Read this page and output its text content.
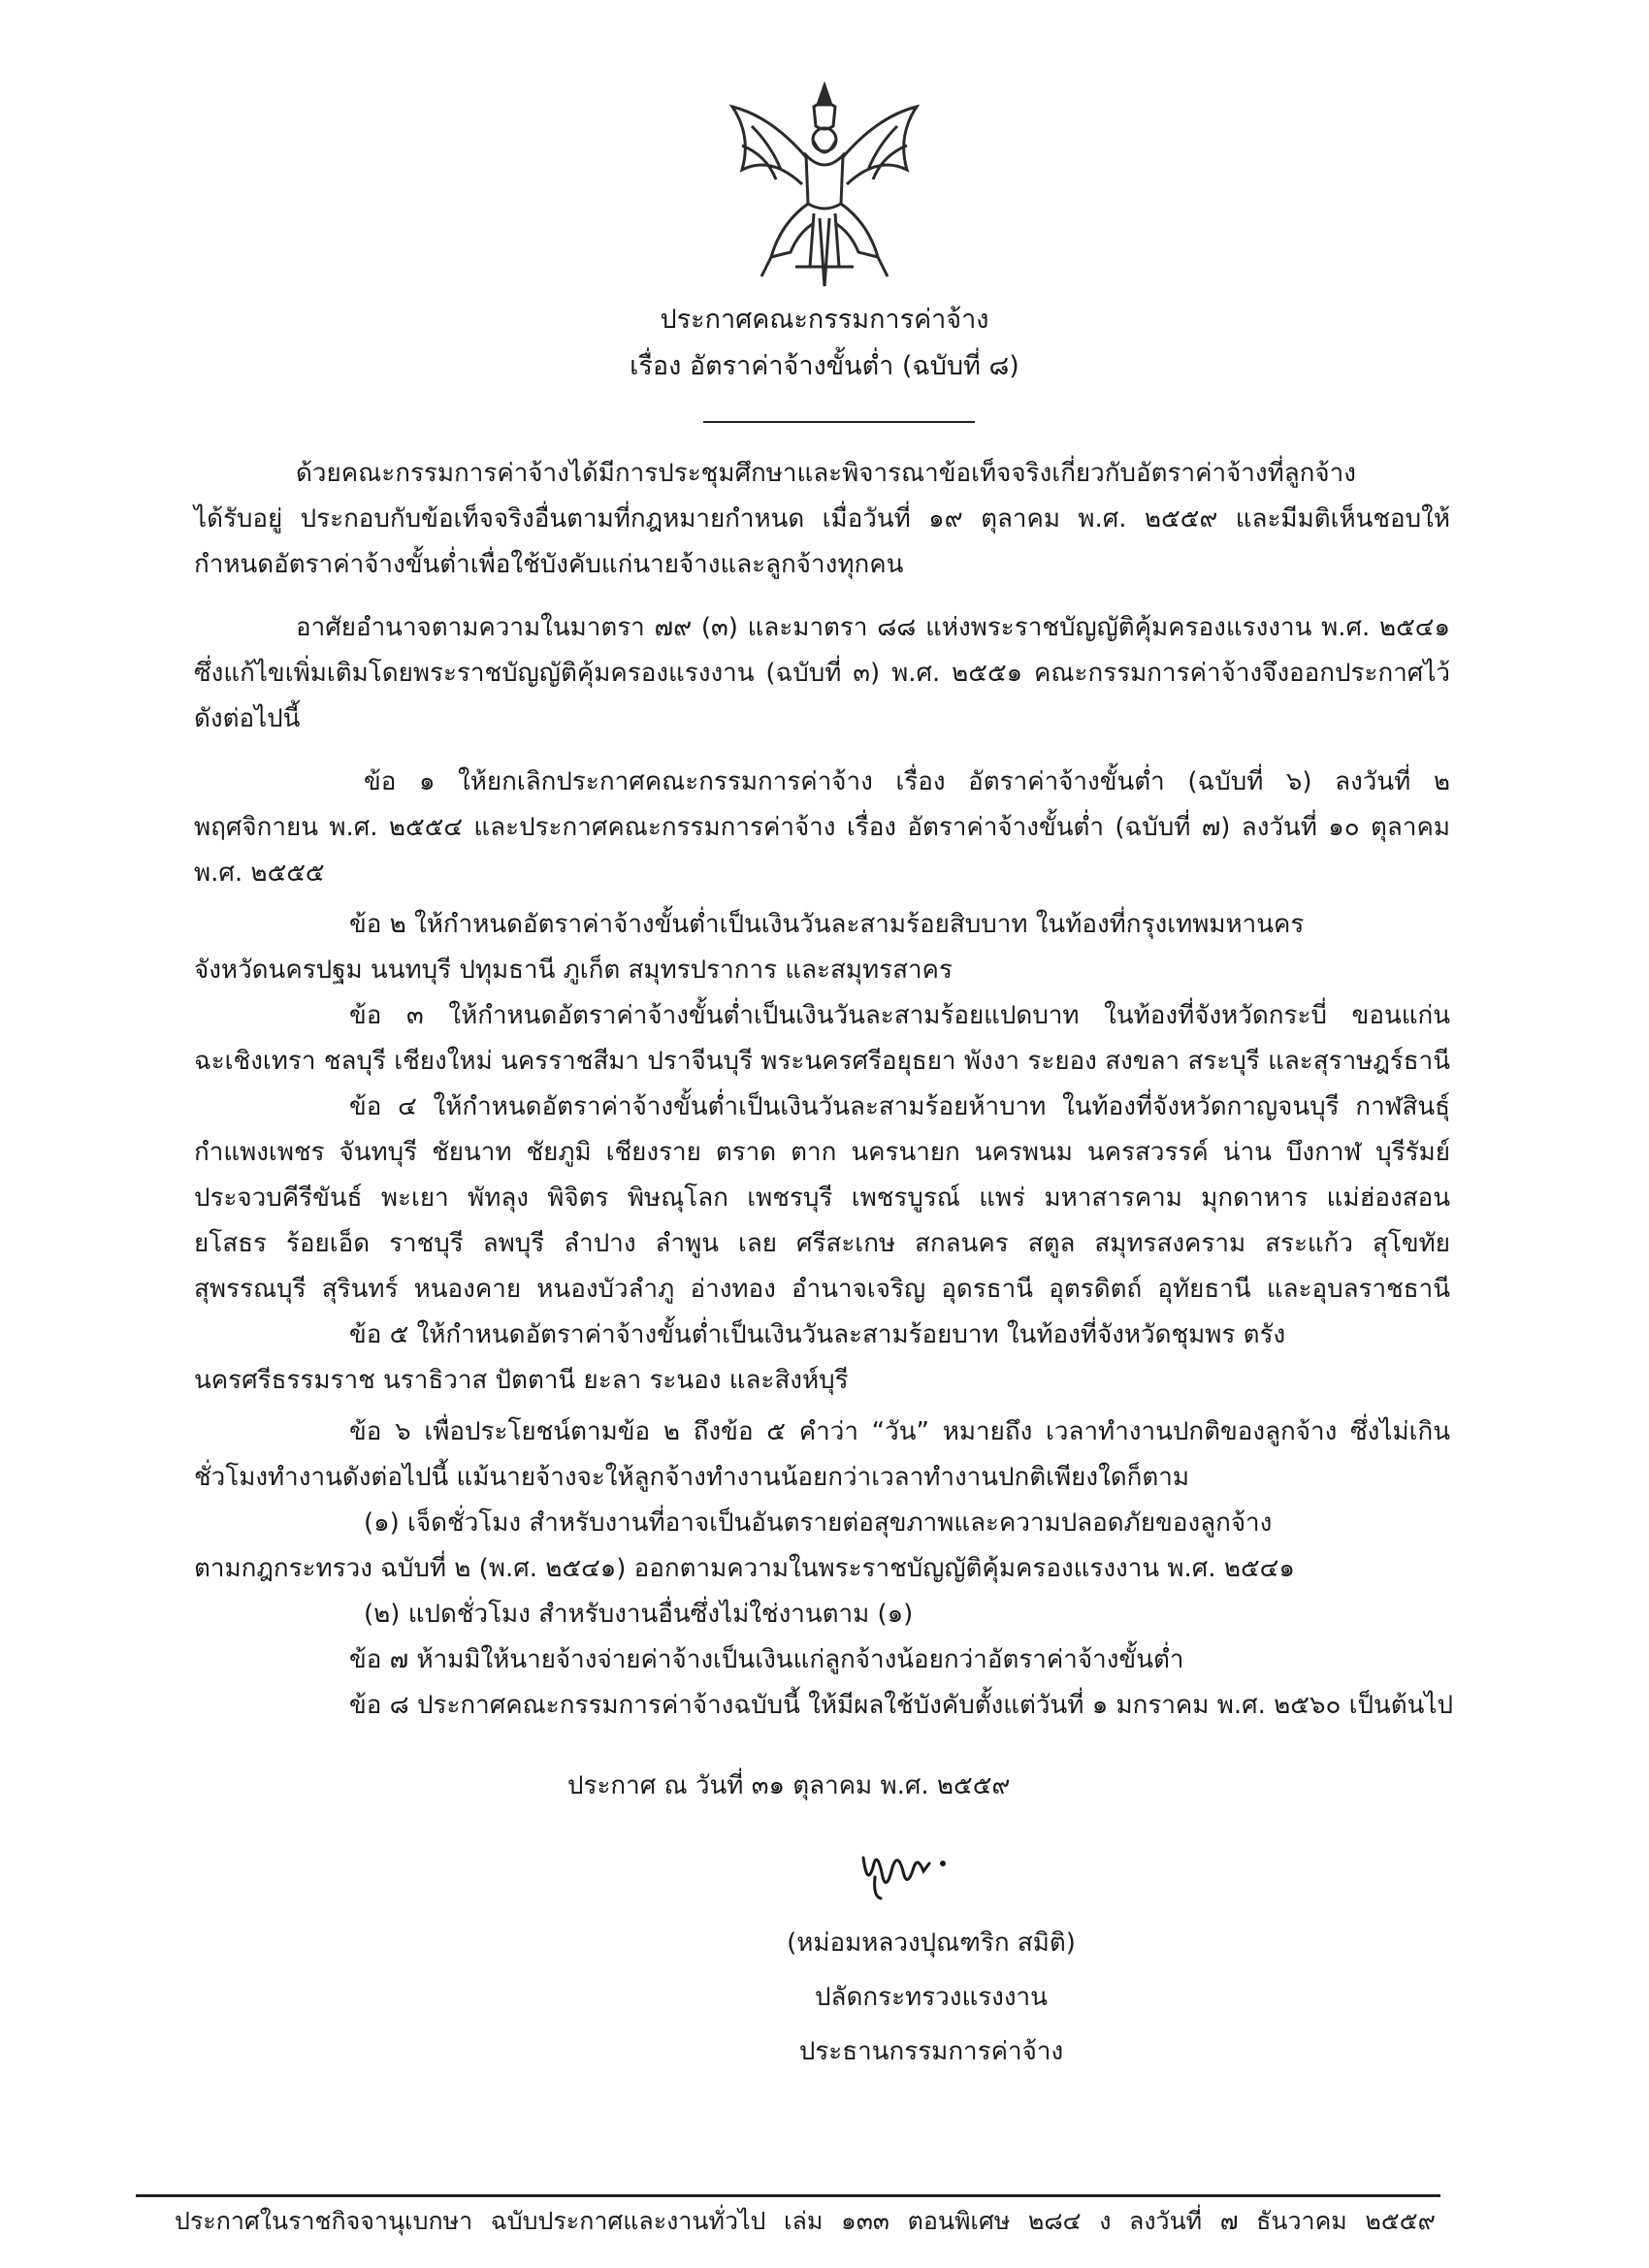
ประกาศคณะกรรมการค่าจ้าง
เรื่อง อัตราค่าจ้างขั้นต่ำ (ฉบับที่ ๘)
ด้วยคณะกรรมการค่าจ้างได้มีการประชุมศึกษาและพิจารณาข้อเท็จจริงเกี่ยวกับอัตราค่าจ้างที่ลูกจ้าง
ได้รับอยู่ ประกอบกับข้อเท็จจริงอื่นตามที่กฎหมายกำหนด เมื่อวันที่ ๑๙ ตุลาคม พ.ศ. ๒๕๕๙ และมีมติเห็นชอบให้
กำหนดอัตราค่าจ้างขั้นต่ำเพื่อใช้บังคับแก่นายจ้างและลูกจ้างทุกคน
อาศัยอำนาจตามความในมาตรา ๗๙ (๓) และมาตรา ๘๘ แห่งพระราชบัญญัติคุ้มครองแรงงาน พ.ศ. ๒๕๔๑
ซึ่งแก้ไขเพิ่มเติมโดยพระราชบัญญัติคุ้มครองแรงงาน (ฉบับที่ ๓) พ.ศ. ๒๕๕๑ คณะกรรมการค่าจ้างจึงออกประกาศไว้
ดังต่อไปนี้
ข้อ ๑ ให้ยกเลิกประกาศคณะกรรมการค่าจ้าง เรื่อง อัตราค่าจ้างขั้นต่ำ (ฉบับที่ ๖) ลงวันที่ ๒
พฤศจิกายน พ.ศ. ๒๕๕๔ และประกาศคณะกรรมการค่าจ้าง เรื่อง อัตราค่าจ้างขั้นต่ำ (ฉบับที่ ๗) ลงวันที่ ๑๐ ตุลาคม
พ.ศ. ๒๕๕๕
ข้อ ๒ ให้กำหนดอัตราค่าจ้างขั้นต่ำเป็นเงินวันละสามร้อยสิบบาท ในท้องที่กรุงเทพมหานคร
จังหวัดนครปฐม นนทบุรี ปทุมธานี ภูเก็ต สมุทรปราการ และสมุทรสาคร
ข้อ ๓ ให้กำหนดอัตราค่าจ้างขั้นต่ำเป็นเงินวันละสามร้อยแปดบาท ในท้องที่จังหวัดกระบี่ ขอนแก่น
ฉะเชิงเทรา ชลบุรี เชียงใหม่ นครราชสีมา ปราจีนบุรี พระนครศรีอยุธยา พังงา ระยอง สงขลา สระบุรี และสุราษฎร์ธานี
ข้อ ๔ ให้กำหนดอัตราค่าจ้างขั้นต่ำเป็นเงินวันละสามร้อยห้าบาท ในท้องที่จังหวัดกาญจนบุรี กาฬสินธุ์
กำแพงเพชร จันทบุรี ชัยนาท ชัยภูมิ เชียงราย ตราด ตาก นครนายก นครพนม นครสวรรค์ น่าน บึงกาฬ บุรีรัมย์
ประจวบคีรีขันธ์ พะเยา พัทลุง พิจิตร พิษณุโลก เพชรบุรี เพชรบูรณ์ แพร่ มหาสารคาม มุกดาหาร แม่ฮ่องสอน
ยโสธร ร้อยเอ็ด ราชบุรี ลพบุรี ลำปาง ลำพูน เลย ศรีสะเกษ สกลนคร สตูล สมุทรสงคราม สระแก้ว สุโขทัย
สุพรรณบุรี สุรินทร์ หนองคาย หนองบัวลำภู อ่างทอง อำนาจเจริญ อุดรธานี อุตรดิตถ์ อุทัยธานี และอุบลราชธานี
ข้อ ๕ ให้กำหนดอัตราค่าจ้างขั้นต่ำเป็นเงินวันละสามร้อยบาท ในท้องที่จังหวัดชุมพร ตรัง
นครศรีธรรมราช นราธิวาส ปัตตานี ยะลา ระนอง และสิงห์บุรี
ข้อ ๖ เพื่อประโยชน์ตามข้อ ๒ ถึงข้อ ๕ คำว่า “วัน” หมายถึง เวลาทำงานปกติของลูกจ้าง ซึ่งไม่เกิน
ชั่วโมงทำงานดังต่อไปนี้ แม้นายจ้างจะให้ลูกจ้างทำงานน้อยกว่าเวลาทำงานปกติเพียงใดก็ตาม
(๑) เจ็ดชั่วโมง สำหรับงานที่อาจเป็นอันตรายต่อสุขภาพและความปลอดภัยของลูกจ้าง
ตามกฎกระทรวง ฉบับที่ ๒ (พ.ศ. ๒๕๔๑) ออกตามความในพระราชบัญญัติคุ้มครองแรงงาน พ.ศ. ๒๕๔๑
(๒) แปดชั่วโมง สำหรับงานอื่นซึ่งไม่ใช่งานตาม (๑)
ข้อ ๗ ห้ามมิให้นายจ้างจ่ายค่าจ้างเป็นเงินแก่ลูกจ้างน้อยกว่าอัตราค่าจ้างขั้นต่ำ
ข้อ ๘ ประกาศคณะกรรมการค่าจ้างฉบับนี้ ให้มีผลใช้บังคับตั้งแต่วันที่ ๑ มกราคม พ.ศ. ๒๕๖๐ เป็นต้นไป
ประกาศ ณ วันที่ ๓๑ ตุลาคม พ.ศ. ๒๕๕๙
(หม่อมหลวงปุณฑริก สมิติ)
ปลัดกระทรวงแรงงาน
ประธานกรรมการค่าจ้าง
ประกาศในราชกิจจานุเบกษา ฉบับประกาศและงานทั่วไป เล่ม ๑๓๓ ตอนพิเศษ ๒๘๔ ง ลงวันที่ ๗ ธันวาคม ๒๕๕๙
